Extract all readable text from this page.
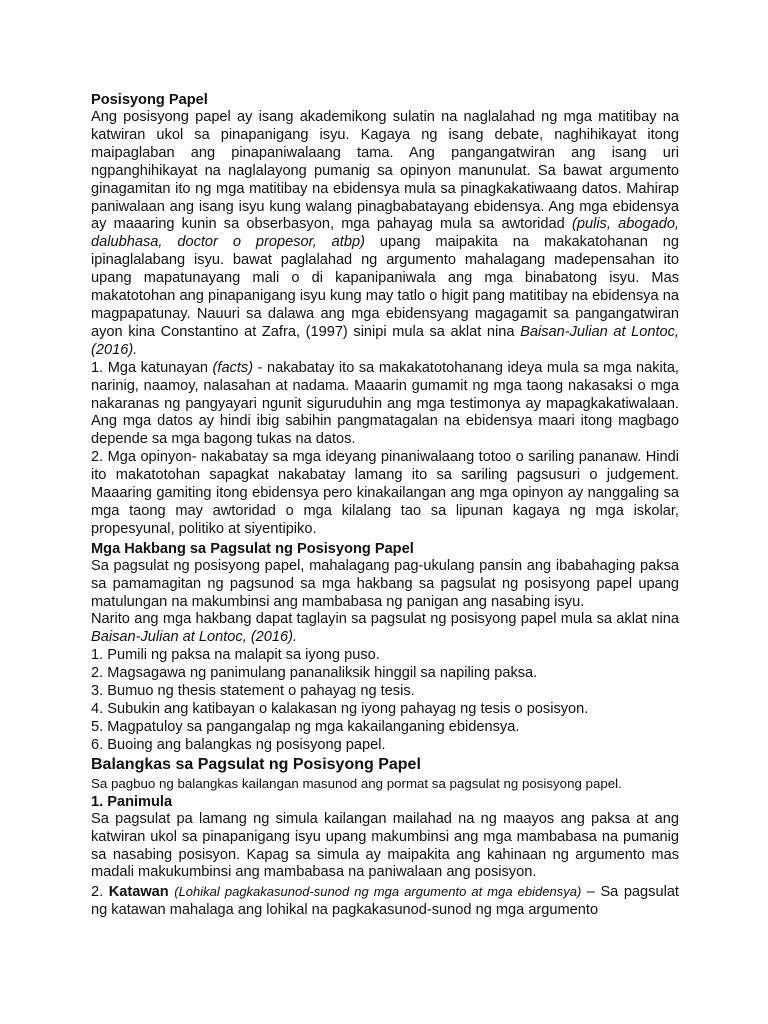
Posisyong Papel

Ang posisyong papel ay isang akademikong sulatin na naglalahad ng mga matitibay na katwiran ukol sa pinapanigang isyu. Kagaya ng isang debate, naghihikayat itong maipaglaban ang pinapaniwalaang tama. Ang pangangatwiran ang isang uri ngpanghihikayat na naglalayong pumanig sa opinyon manunulat. Sa bawat argumento ginagamitan ito ng mga matitibay na ebidensya mula sa pinagkakatiwaang datos. Mahirap paniwalaan ang isang isyu kung walang pinagbabatayang ebidensya. Ang mga ebidensya ay maaaring kunin sa obserbasyon, mga pahayag mula sa awtoridad (pulis, abogado, dalubhasa, doctor o propesor, atbp) upang maipakita na makakatohanan ng ipinaglalabang isyu. bawat paglalahad ng argumento mahalagang madepensahan ito upang mapatunayang mali o di kapanipaniwala ang mga binabatong isyu. Mas makatotohan ang pinapanigang isyu kung may tatlo o higit pang matitibay na ebidensya na magpapatunay. Nauuri sa dalawa ang mga ebidensyang magagamit sa pangangatwiran ayon kina Constantino at Zafra, (1997) sinipi mula sa aklat nina Baisan-Julian at Lontoc, (2016).

1. Mga katunayan (facts) - nakabatay ito sa makakatotohanang ideya mula sa mga nakita, narinig, naamoy, nalasahan at nadama. Maaarin gumamit ng mga taong nakasaksi o mga nakaranas ng pangyayari ngunit siguruduhin ang mga testimonya ay mapagkakatiwalaan. Ang mga datos ay hindi ibig sabihin pangmatagalan na ebidensya maari itong magbago depende sa mga bagong tukas na datos.

2. Mga opinyon- nakabatay sa mga ideyang pinaniwalaang totoo o sariling pananaw. Hindi ito makatotohan sapagkat nakabatay lamang ito sa sariling pagsusuri o judgement. Maaaring gamiting itong ebidensya pero kinakailangan ang mga opinyon ay nanggaling sa mga taong may awtoridad o mga kilalang tao sa lipunan kagaya ng mga iskolar, propesyunal, politiko at siyentipiko.

Mga Hakbang sa Pagsulat ng Posisyong Papel

Sa pagsulat ng posisyong papel, mahalagang pag-ukulang pansin ang ibabahaging paksa sa pamamagitan ng pagsunod sa mga hakbang sa pagsulat ng posisyong papel upang matulungan na makumbinsi ang mambabasa ng panigan ang nasabing isyu.

Narito ang mga hakbang dapat taglayin sa pagsulat ng posisyong papel mula sa aklat nina Baisan-Julian at Lontoc, (2016).

1. Pumili ng paksa na malapit sa iyong puso.
2. Magsagawa ng panimulang pananaliksik hinggil sa napiling paksa.
3. Bumuo ng thesis statement o pahayag ng tesis.
4. Subukin ang katibayan o kalakasan ng iyong pahayag ng tesis o posisyon.
5. Magpatuloy sa pangangalap ng mga kakailanganing ebidensya.
6. Buoing ang balangkas ng posisyong papel.
Balangkas sa Pagsulat ng Posisyong Papel

Sa pagbuo ng balangkas kailangan masunod ang pormat sa pagsulat ng posisyong papel.

1. Panimula

Sa pagsulat pa lamang ng simula kailangan mailahad na ng maayos ang paksa at ang katwiran ukol sa pinapanigang isyu upang makumbinsi ang mga mambabasa na pumanig sa nasabing posisyon. Kapag sa simula ay maipakita ang kahinaan ng argumento mas madali makukumbinsi ang mambabasa na paniwalaan ang posisyon.

2. Katawan (Lohikal pagkakasunod-sunod ng mga argumento at mga ebidensya) – Sa pagsulat ng katawan mahalaga ang lohikal na pagkakasunod-sunod ng mga argumento
